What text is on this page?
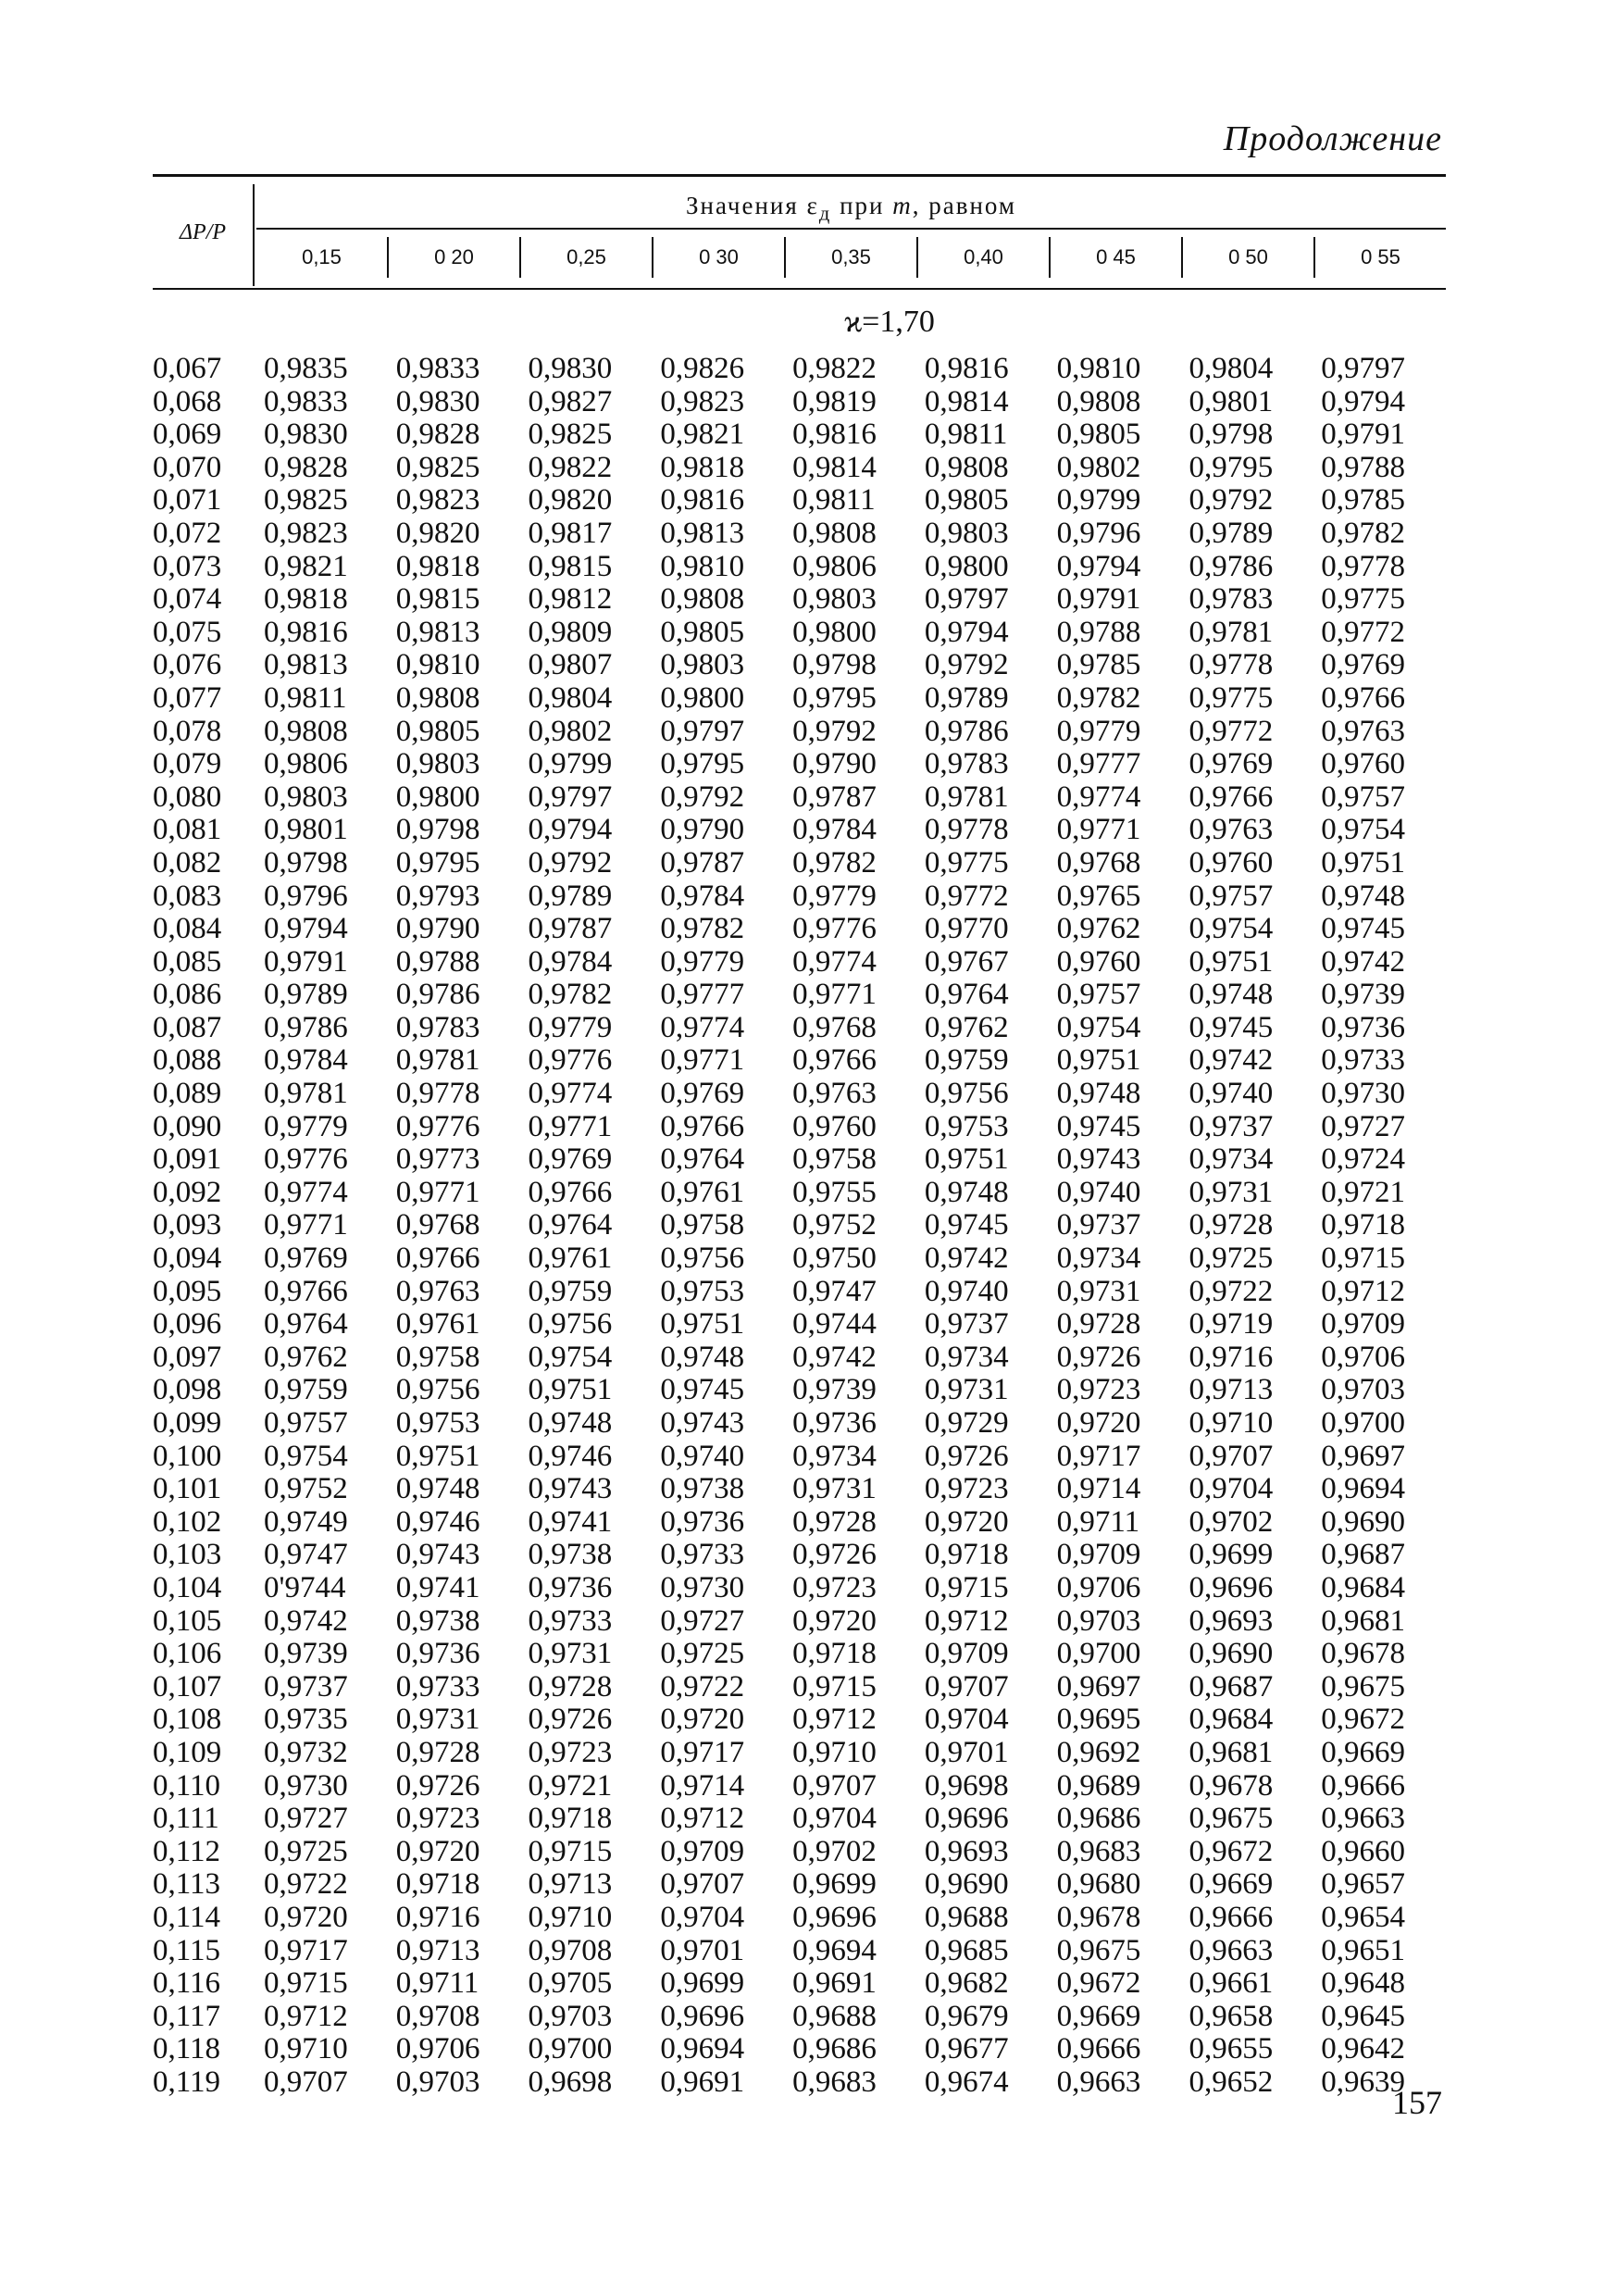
Продолжение
ΔP/P
Значения $\varepsilon_д$ при m, равном
0,15	0 20	0,25	0 30	0,35	0,40	0 45	0 50	0 55
ϰ=1,70
0,067	0,9835	0,9833	0,9830	0,9826	0,9822	0,9816	0,9810	0,9804	0,9797
0,068	0,9833	0,9830	0,9827	0,9823	0,9819	0,9814	0,9808	0,9801	0,9794
0,069	0,9830	0,9828	0,9825	0,9821	0,9816	0,9811	0,9805	0,9798	0,9791
0,070	0,9828	0,9825	0,9822	0,9818	0,9814	0,9808	0,9802	0,9795	0,9788
0,071	0,9825	0,9823	0,9820	0,9816	0,9811	0,9805	0,9799	0,9792	0,9785
0,072	0,9823	0,9820	0,9817	0,9813	0,9808	0,9803	0,9796	0,9789	0,9782
0,073	0,9821	0,9818	0,9815	0,9810	0,9806	0,9800	0,9794	0,9786	0,9778
0,074	0,9818	0,9815	0,9812	0,9808	0,9803	0,9797	0,9791	0,9783	0,9775
0,075	0,9816	0,9813	0,9809	0,9805	0,9800	0,9794	0,9788	0,9781	0,9772
0,076	0,9813	0,9810	0,9807	0,9803	0,9798	0,9792	0,9785	0,9778	0,9769
0,077	0,9811	0,9808	0,9804	0,9800	0,9795	0,9789	0,9782	0,9775	0,9766
0,078	0,9808	0,9805	0,9802	0,9797	0,9792	0,9786	0,9779	0,9772	0,9763
0,079	0,9806	0,9803	0,9799	0,9795	0,9790	0,9783	0,9777	0,9769	0,9760
0,080	0,9803	0,9800	0,9797	0,9792	0,9787	0,9781	0,9774	0,9766	0,9757
0,081	0,9801	0,9798	0,9794	0,9790	0,9784	0,9778	0,9771	0,9763	0,9754
0,082	0,9798	0,9795	0,9792	0,9787	0,9782	0,9775	0,9768	0,9760	0,9751
0,083	0,9796	0,9793	0,9789	0,9784	0,9779	0,9772	0,9765	0,9757	0,9748
0,084	0,9794	0,9790	0,9787	0,9782	0,9776	0,9770	0,9762	0,9754	0,9745
0,085	0,9791	0,9788	0,9784	0,9779	0,9774	0,9767	0,9760	0,9751	0,9742
0,086	0,9789	0,9786	0,9782	0,9777	0,9771	0,9764	0,9757	0,9748	0,9739
0,087	0,9786	0,9783	0,9779	0,9774	0,9768	0,9762	0,9754	0,9745	0,9736
0,088	0,9784	0,9781	0,9776	0,9771	0,9766	0,9759	0,9751	0,9742	0,9733
0,089	0,9781	0,9778	0,9774	0,9769	0,9763	0,9756	0,9748	0,9740	0,9730
0,090	0,9779	0,9776	0,9771	0,9766	0,9760	0,9753	0,9745	0,9737	0,9727
0,091	0,9776	0,9773	0,9769	0,9764	0,9758	0,9751	0,9743	0,9734	0,9724
0,092	0,9774	0,9771	0,9766	0,9761	0,9755	0,9748	0,9740	0,9731	0,9721
0,093	0,9771	0,9768	0,9764	0,9758	0,9752	0,9745	0,9737	0,9728	0,9718
0,094	0,9769	0,9766	0,9761	0,9756	0,9750	0,9742	0,9734	0,9725	0,9715
0,095	0,9766	0,9763	0,9759	0,9753	0,9747	0,9740	0,9731	0,9722	0,9712
0,096	0,9764	0,9761	0,9756	0,9751	0,9744	0,9737	0,9728	0,9719	0,9709
0,097	0,9762	0,9758	0,9754	0,9748	0,9742	0,9734	0,9726	0,9716	0,9706
0,098	0,9759	0,9756	0,9751	0,9745	0,9739	0,9731	0,9723	0,9713	0,9703
0,099	0,9757	0,9753	0,9748	0,9743	0,9736	0,9729	0,9720	0,9710	0,9700
0,100	0,9754	0,9751	0,9746	0,9740	0,9734	0,9726	0,9717	0,9707	0,9697
0,101	0,9752	0,9748	0,9743	0,9738	0,9731	0,9723	0,9714	0,9704	0,9694
0,102	0,9749	0,9746	0,9741	0,9736	0,9728	0,9720	0,9711	0,9702	0,9690
0,103	0,9747	0,9743	0,9738	0,9733	0,9726	0,9718	0,9709	0,9699	0,9687
0,104	0'9744	0,9741	0,9736	0,9730	0,9723	0,9715	0,9706	0,9696	0,9684
0,105	0,9742	0,9738	0,9733	0,9727	0,9720	0,9712	0,9703	0,9693	0,9681
0,106	0,9739	0,9736	0,9731	0,9725	0,9718	0,9709	0,9700	0,9690	0,9678
0,107	0,9737	0,9733	0,9728	0,9722	0,9715	0,9707	0,9697	0,9687	0,9675
0,108	0,9735	0,9731	0,9726	0,9720	0,9712	0,9704	0,9695	0,9684	0,9672
0,109	0,9732	0,9728	0,9723	0,9717	0,9710	0,9701	0,9692	0,9681	0,9669
0,110	0,9730	0,9726	0,9721	0,9714	0,9707	0,9698	0,9689	0,9678	0,9666
0,111	0,9727	0,9723	0,9718	0,9712	0,9704	0,9696	0,9686	0,9675	0,9663
0,112	0,9725	0,9720	0,9715	0,9709	0,9702	0,9693	0,9683	0,9672	0,9660
0,113	0,9722	0,9718	0,9713	0,9707	0,9699	0,9690	0,9680	0,9669	0,9657
0,114	0,9720	0,9716	0,9710	0,9704	0,9696	0,9688	0,9678	0,9666	0,9654
0,115	0,9717	0,9713	0,9708	0,9701	0,9694	0,9685	0,9675	0,9663	0,9651
0,116	0,9715	0,9711	0,9705	0,9699	0,9691	0,9682	0,9672	0,9661	0,9648
0,117	0,9712	0,9708	0,9703	0,9696	0,9688	0,9679	0,9669	0,9658	0,9645
0,118	0,9710	0,9706	0,9700	0,9694	0,9686	0,9677	0,9666	0,9655	0,9642
0,119	0,9707	0,9703	0,9698	0,9691	0,9683	0,9674	0,9663	0,9652	0,9639
157
